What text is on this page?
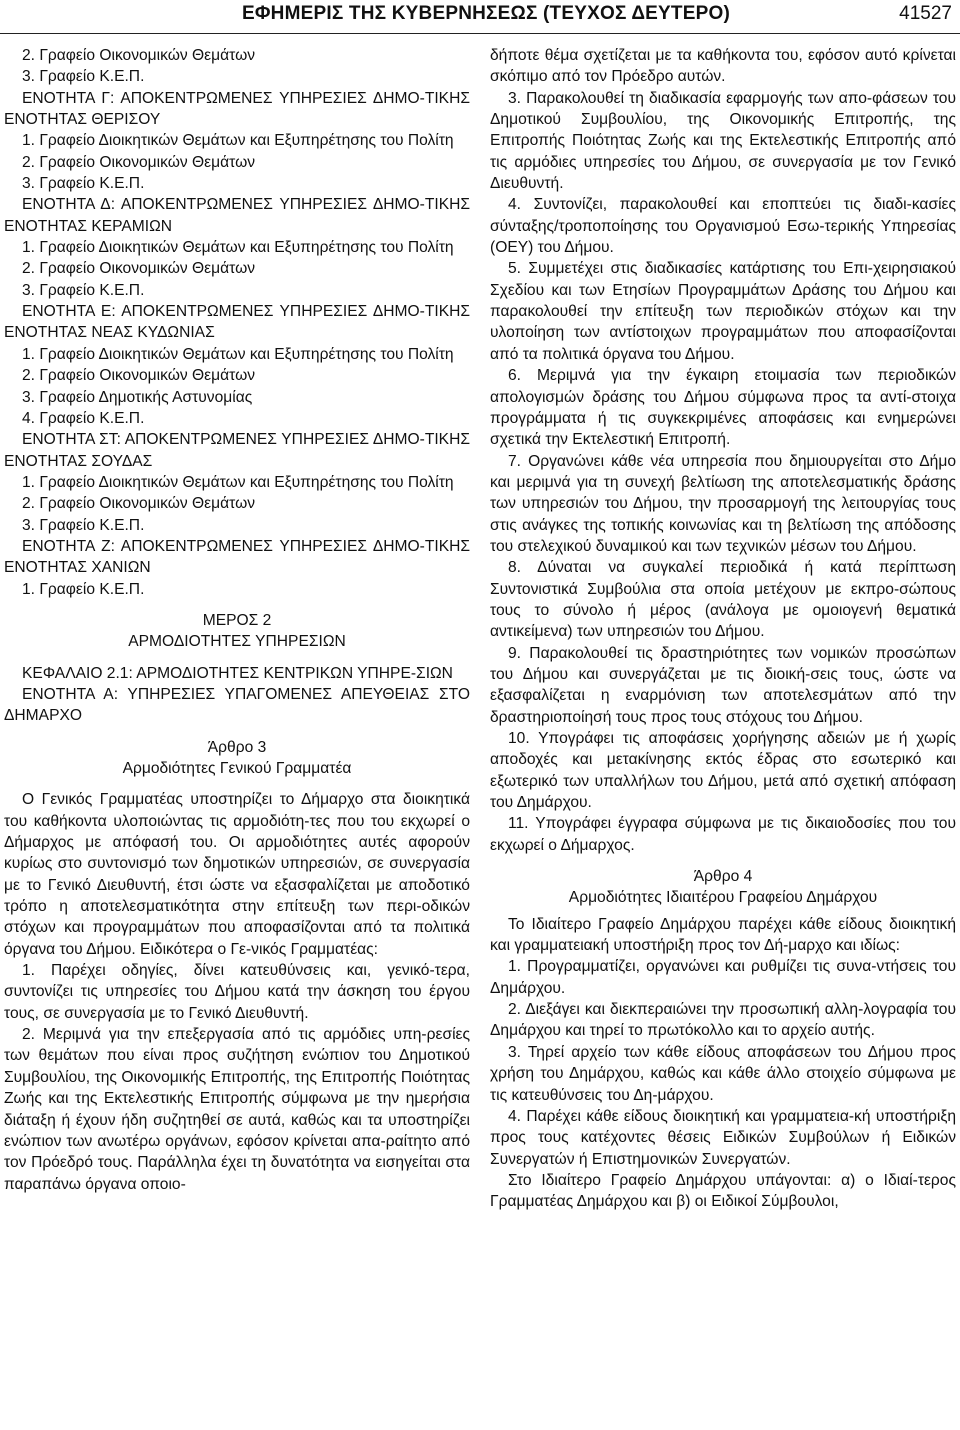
ΕΦΗΜΕΡΙΣ ΤΗΣ ΚΥΒΕΡΝΗΣΕΩΣ (ΤΕΥΧΟΣ ΔΕΥΤΕΡΟ)	41527

2. Γραφείο Οικονομικών Θεμάτων

3. Γραφείο Κ.Ε.Π.

ΕΝΟΤΗΤΑ Γ: ΑΠΟΚΕΝΤΡΩΜΕΝΕΣ ΥΠΗΡΕΣΙΕΣ ΔΗΜΟ-ΤΙΚΗΣ ΕΝΟΤΗΤΑΣ ΘΕΡΙΣΟΥ

1. Γραφείο Διοικητικών Θεμάτων και Εξυπηρέτησης του Πολίτη

2. Γραφείο Οικονομικών Θεμάτων

3. Γραφείο Κ.Ε.Π.

ΕΝΟΤΗΤΑ Δ: ΑΠΟΚΕΝΤΡΩΜΕΝΕΣ ΥΠΗΡΕΣΙΕΣ ΔΗΜΟ-ΤΙΚΗΣ ΕΝΟΤΗΤΑΣ ΚΕΡΑΜΙΩΝ

1. Γραφείο Διοικητικών Θεμάτων και Εξυπηρέτησης του Πολίτη

2. Γραφείο Οικονομικών Θεμάτων

3. Γραφείο Κ.Ε.Π.

ΕΝΟΤΗΤΑ Ε: ΑΠΟΚΕΝΤΡΩΜΕΝΕΣ ΥΠΗΡΕΣΙΕΣ ΔΗΜΟ-ΤΙΚΗΣ ΕΝΟΤΗΤΑΣ ΝΕΑΣ ΚΥΔΩΝΙΑΣ

1. Γραφείο Διοικητικών Θεμάτων και Εξυπηρέτησης του Πολίτη

2. Γραφείο Οικονομικών Θεμάτων

3. Γραφείο Δημοτικής Αστυνομίας

4. Γραφείο Κ.Ε.Π.

ΕΝΟΤΗΤΑ ΣΤ: ΑΠΟΚΕΝΤΡΩΜΕΝΕΣ ΥΠΗΡΕΣΙΕΣ ΔΗΜΟ-ΤΙΚΗΣ ΕΝΟΤΗΤΑΣ ΣΟΥΔΑΣ

1. Γραφείο Διοικητικών Θεμάτων και Εξυπηρέτησης του Πολίτη

2. Γραφείο Οικονομικών Θεμάτων

3. Γραφείο Κ.Ε.Π.

ΕΝΟΤΗΤΑ Ζ: ΑΠΟΚΕΝΤΡΩΜΕΝΕΣ ΥΠΗΡΕΣΙΕΣ ΔΗΜΟ-ΤΙΚΗΣ ΕΝΟΤΗΤΑΣ ΧΑΝΙΩΝ

1. Γραφείο Κ.Ε.Π.

ΜΕΡΟΣ 2

ΑΡΜΟΔΙΟΤΗΤΕΣ ΥΠΗΡΕΣΙΩΝ

ΚΕΦΑΛΑΙΟ 2.1: ΑΡΜΟΔΙΟΤΗΤΕΣ ΚΕΝΤΡΙΚΩΝ ΥΠΗΡΕ-ΣΙΩΝ

ΕΝΟΤΗΤΑ Α: ΥΠΗΡΕΣΙΕΣ ΥΠΑΓΟΜΕΝΕΣ ΑΠΕΥΘΕΙΑΣ ΣΤΟ ΔΗΜΑΡΧΟ

Άρθρο 3

Αρμοδιότητες Γενικού Γραμματέα

Ο Γενικός Γραμματέας υποστηρίζει το Δήμαρχο στα διοικητικά του καθήκοντα υλοποιώντας τις αρμοδιότη-τες που του εκχωρεί ο Δήμαρχος με απόφασή του. Οι αρμοδιότητες αυτές αφορούν κυρίως στο συντονισμό των δημοτικών υπηρεσιών, σε συνεργασία με το Γενικό Διευθυντή, έτσι ώστε να εξασφαλίζεται με αποδοτικό τρόπο η αποτελεσματικότητα στην επίτευξη των περι-οδικών στόχων και προγραμμάτων που αποφασίζονται από τα πολιτικά όργανα του Δήμου. Ειδικότερα ο Γε-νικός Γραμματέας:

1. Παρέχει οδηγίες, δίνει κατευθύνσεις και, γενικό-τερα, συντονίζει τις υπηρεσίες του Δήμου κατά την άσκηση του έργου τους, σε συνεργασία με το Γενικό Διευθυντή.

2. Μεριμνά για την επεξεργασία από τις αρμόδιες υπη-ρεσίες των θεμάτων που είναι προς συζήτηση ενώπιον του Δημοτικού Συμβουλίου, της Οικονομικής Επιτροπής, της Επιτροπής Ποιότητας Ζωής και της Εκτελεστικής Επιτροπής σύμφωνα με την ημερήσια διάταξη ή έχουν ήδη συζητηθεί σε αυτά, καθώς και τα υποστηρίζει ενώπιον των ανωτέρω οργάνων, εφόσον κρίνεται απα-ραίτητο από τον Πρόεδρό τους. Παράλληλα έχει τη δυνατότητα να εισηγείται στα παραπάνω όργανα οποιο-

δήποτε θέμα σχετίζεται με τα καθήκοντα του, εφόσον αυτό κρίνεται σκόπιμο από τον Πρόεδρο αυτών.

3. Παρακολουθεί τη διαδικασία εφαρμογής των απο-φάσεων του Δημοτικού Συμβουλίου, της Οικονομικής Επιτροπής, της Επιτροπής Ποιότητας Ζωής και της Εκτελεστικής Επιτροπής από τις αρμόδιες υπηρεσίες του Δήμου, σε συνεργασία με τον Γενικό Διευθυντή.

4. Συντονίζει, παρακολουθεί και εποπτεύει τις διαδι-κασίες σύνταξης/τροποποίησης του Οργανισμού Εσω-τερικής Υπηρεσίας (ΟΕΥ) του Δήμου.

5. Συμμετέχει στις διαδικασίες κατάρτισης του Επι-χειρησιακού Σχεδίου και των Ετησίων Προγραμμάτων Δράσης του Δήμου και παρακολουθεί την επίτευξη των περιοδικών στόχων και την υλοποίηση των αντίστοιχων προγραμμάτων που αποφασίζονται από τα πολιτικά όργανα του Δήμου.

6. Μεριμνά για την έγκαιρη ετοιμασία των περιοδικών απολογισμών δράσης του Δήμου σύμφωνα προς τα αντί-στοιχα προγράμματα ή τις συγκεκριμένες αποφάσεις και ενημερώνει σχετικά την Εκτελεστική Επιτροπή.

7. Οργανώνει κάθε νέα υπηρεσία που δημιουργείται στο Δήμο και μεριμνά για τη συνεχή βελτίωση της αποτελεσματικής δράσης των υπηρεσιών του Δήμου, την προσαρμογή της λειτουργίας τους στις ανάγκες της τοπικής κοινωνίας και τη βελτίωση της απόδοσης του στελεχικού δυναμικού και των τεχνικών μέσων του Δήμου.

8. Δύναται να συγκαλεί περιοδικά ή κατά περίπτωση Συντονιστικά Συμβούλια στα οποία μετέχουν με εκπρο-σώπους τους το σύνολο ή μέρος (ανάλογα με ομοιογενή θεματικά αντικείμενα) των υπηρεσιών του Δήμου.

9. Παρακολουθεί τις δραστηριότητες των νομικών προσώπων του Δήμου και συνεργάζεται με τις διοική-σεις τους, ώστε να εξασφαλίζεται η εναρμόνιση των αποτελεσμάτων από την δραστηριοποίησή τους προς τους στόχους του Δήμου.

10. Υπογράφει τις αποφάσεις χορήγησης αδειών με ή χωρίς αποδοχές και μετακίνησης εκτός έδρας στο εσωτερικό και εξωτερικό των υπαλλήλων του Δήμου, μετά από σχετική απόφαση του Δημάρχου.

11. Υπογράφει έγγραφα σύμφωνα με τις δικαιοδοσίες που του εκχωρεί ο Δήμαρχος.

Άρθρο 4

Αρμοδιότητες Ιδιαιτέρου Γραφείου Δημάρχου

Το Ιδιαίτερο Γραφείο Δημάρχου παρέχει κάθε είδους διοικητική και γραμματειακή υποστήριξη προς τον Δή-μαρχο και ιδίως:

1. Προγραμματίζει, οργανώνει και ρυθμίζει τις συνα-ντήσεις του Δημάρχου.

2. Διεξάγει και διεκπεραιώνει την προσωπική αλλη-λογραφία του Δημάρχου και τηρεί το πρωτόκολλο και το αρχείο αυτής.

3. Τηρεί αρχείο των κάθε είδους αποφάσεων του Δήμου προς χρήση του Δημάρχου, καθώς και κάθε άλλο στοιχείο σύμφωνα με τις κατευθύνσεις του Δη-μάρχου.

4. Παρέχει κάθε είδους διοικητική και γραμματεια-κή υποστήριξη προς τους κατέχοντες θέσεις Ειδικών Συμβούλων ή Ειδικών Συνεργατών ή Επιστημονικών Συνεργατών.

Στο Ιδιαίτερο Γραφείο Δημάρχου υπάγονται: α) ο Ιδιαί-τερος Γραμματέας Δημάρχου και β) οι Ειδικοί Σύμβουλοι,
